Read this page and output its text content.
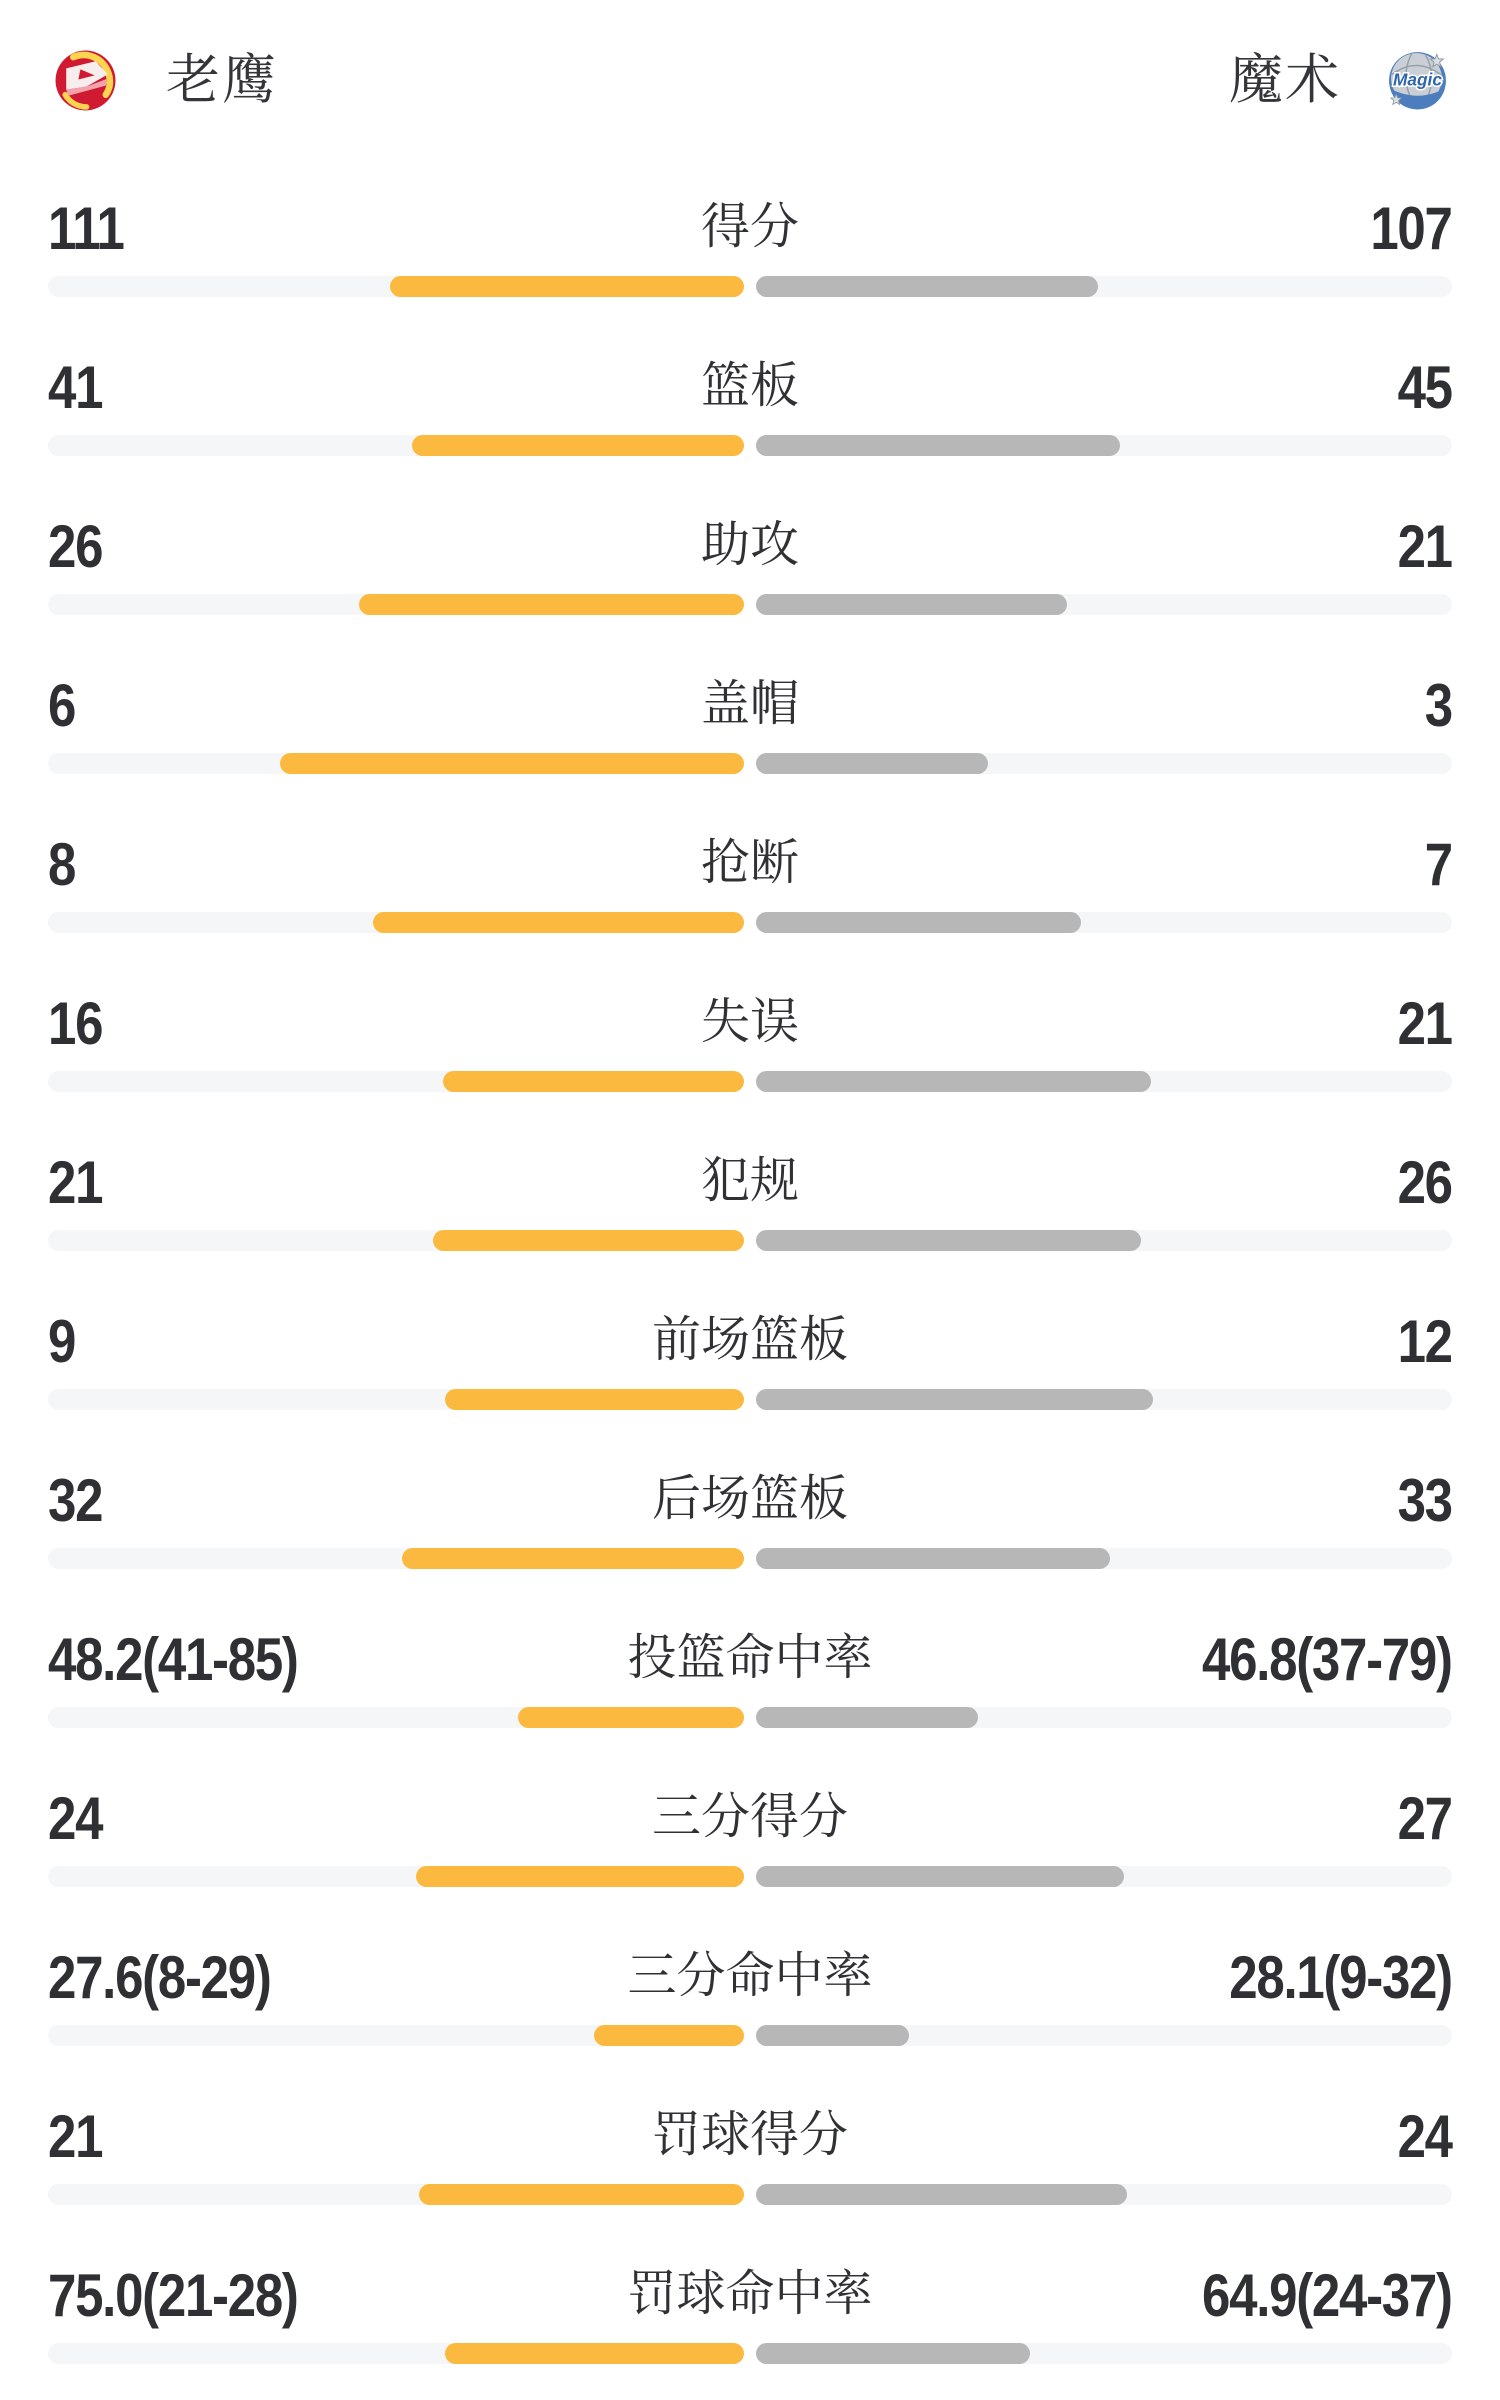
老鹰	魔术	Magic
111	得分	107
41	篮板	45
26	助攻	21
6	盖帽	3
8	抢断	7
16	失误	21
21	犯规	26
9	前场篮板	12
32	后场篮板	33
48.2(41-85)	投篮命中率	46.8(37-79)
24	三分得分	27
27.6(8-29)	三分命中率	28.1(9-32)
21	罚球得分	24
75.0(21-28)	罚球命中率	64.9(24-37)
